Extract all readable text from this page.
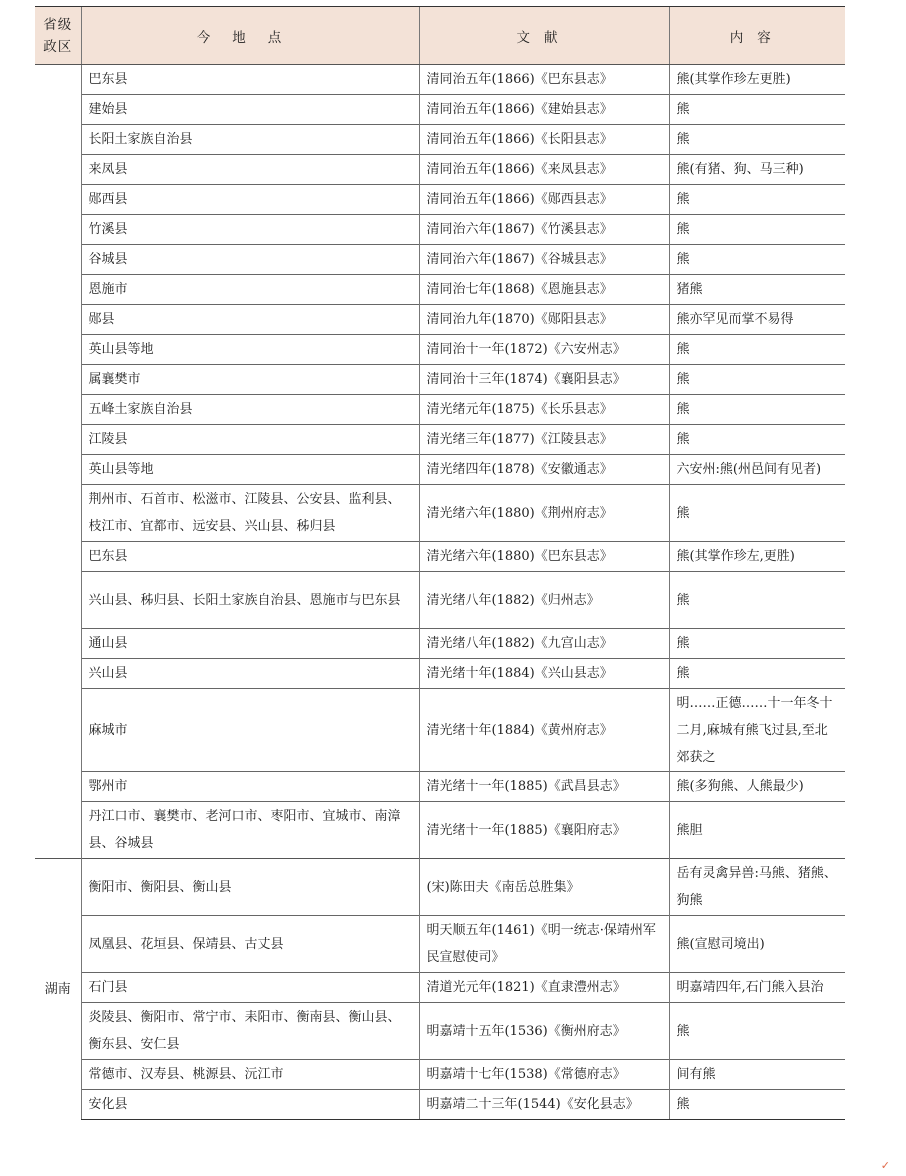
省级
政区	今地点	文献	内容
	巴东县	清同治五年(1866)《巴东县志》	熊(其掌作珍左更胜)
	建始县	清同治五年(1866)《建始县志》	熊
	长阳土家族自治县	清同治五年(1866)《长阳县志》	熊
	来凤县	清同治五年(1866)《来凤县志》	熊(有猪、狗、马三种)
	郧西县	清同治五年(1866)《郧西县志》	熊
	竹溪县	清同治六年(1867)《竹溪县志》	熊
	谷城县	清同治六年(1867)《谷城县志》	熊
	恩施市	清同治七年(1868)《恩施县志》	猪熊
	郧县	清同治九年(1870)《郧阳县志》	熊亦罕见而掌不易得
	英山县等地	清同治十一年(1872)《六安州志》	熊
	属襄樊市	清同治十三年(1874)《襄阳县志》	熊
	五峰土家族自治县	清光绪元年(1875)《长乐县志》	熊
	江陵县	清光绪三年(1877)《江陵县志》	熊
	英山县等地	清光绪四年(1878)《安徽通志》	六安州:熊(州邑间有见者)
	荆州市、石首市、松滋市、江陵县、公安县、监利县、枝江市、宜都市、远安县、兴山县、秭归县	清光绪六年(1880)《荆州府志》	熊
	巴东县	清光绪六年(1880)《巴东县志》	熊(其掌作珍左,更胜)
	兴山县、秭归县、长阳土家族自治县、恩施市与巴东县	清光绪八年(1882)《归州志》	熊
	通山县	清光绪八年(1882)《九宫山志》	熊
	兴山县	清光绪十年(1884)《兴山县志》	熊
	麻城市	清光绪十年(1884)《黄州府志》	明……正德……十一年冬十二月,麻城有熊飞过县,至北郊获之
	鄂州市	清光绪十一年(1885)《武昌县志》	熊(多狗熊、人熊最少)
	丹江口市、襄樊市、老河口市、枣阳市、宜城市、南漳县、谷城县	清光绪十一年(1885)《襄阳府志》	熊胆
湖南	衡阳市、衡阳县、衡山县	(宋)陈田夫《南岳总胜集》	岳有灵禽异兽:马熊、猪熊、狗熊
	凤凰县、花垣县、保靖县、古丈县	明天顺五年(1461)《明一统志·保靖州军民宣慰使司》	熊(宣慰司境出)
	石门县	清道光元年(1821)《直隶澧州志》	明嘉靖四年,石门熊入县治
	炎陵县、衡阳市、常宁市、耒阳市、衡南县、衡山县、衡东县、安仁县	明嘉靖十五年(1536)《衡州府志》	熊
	常德市、汉寿县、桃源县、沅江市	明嘉靖十七年(1538)《常德府志》	间有熊
	安化县	明嘉靖二十三年(1544)《安化县志》	熊
✓
